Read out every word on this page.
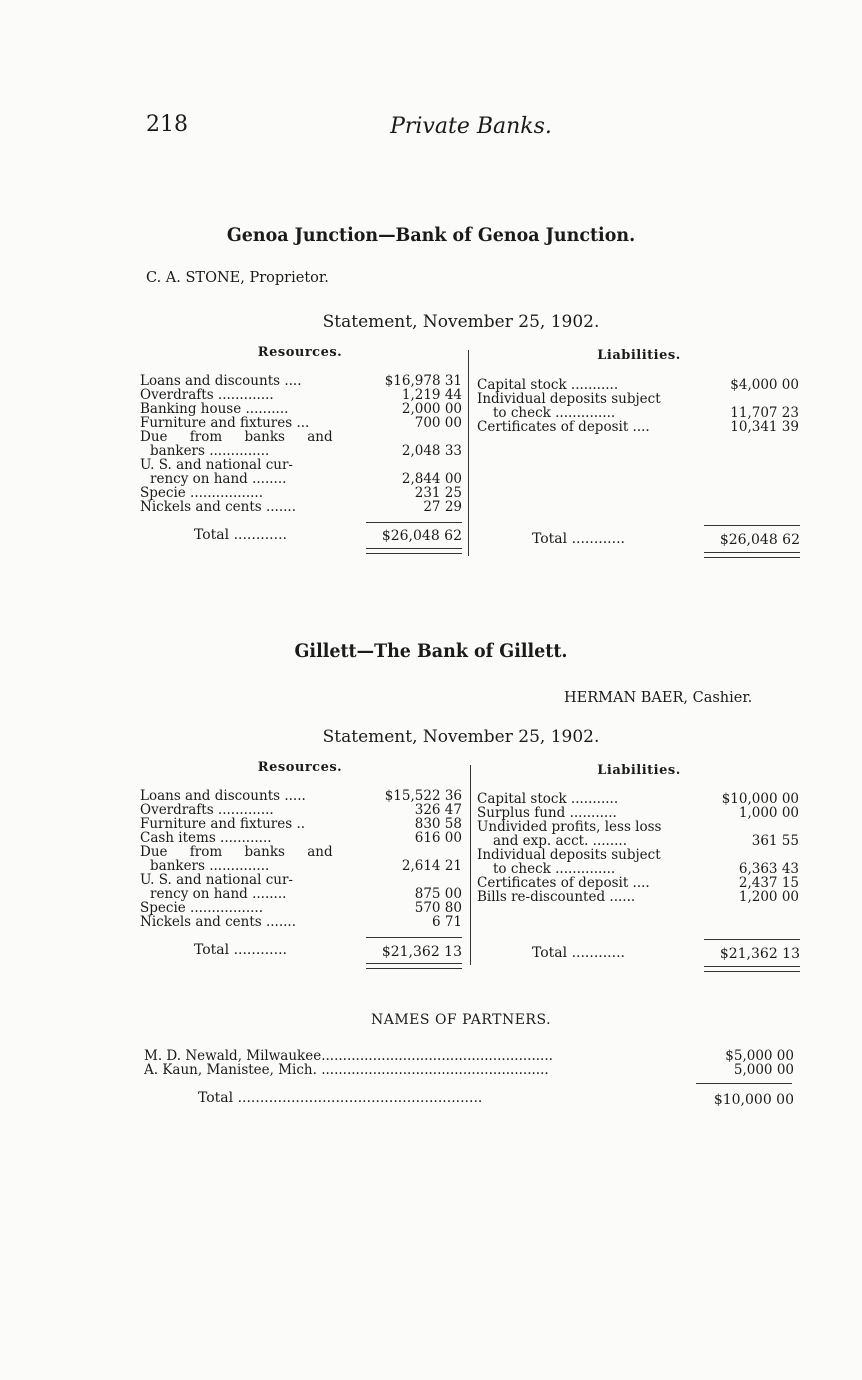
218	Private Banks.
Genoa Junction—Bank of Genoa Junction.
C. A. STONE, Proprietor.
Statement, November 25, 1902.
Resources.	Liabilities.
Loans and discounts ....	$16,978 31
Overdrafts .............	1,219 44
Banking house ..........	2,000 00
Furniture and fixtures ...	700 00
Due from banks and
bankers ..............	2,048 33
U. S. and national cur-
rency on hand ........	2,844 00
Specie .................	231 25
Nickels and cents .......	27 29
Total ............	$26,048 62
Capital stock ...........	$4,000 00
Individual deposits subject
to check ..............	11,707 23
Certificates of deposit ....	10,341 39
Total ............	$26,048 62
Gillett—The Bank of Gillett.
HERMAN BAER, Cashier.
Statement, November 25, 1902.
Resources.	Liabilities.
Loans and discounts .....	$15,522 36
Overdrafts .............	326 47
Furniture and fixtures ..	830 58
Cash items ............	616 00
Due from banks and
bankers ..............	2,614 21
U. S. and national cur-
rency on hand ........	875 00
Specie .................	570 80
Nickels and cents .......	6 71
Total ............	$21,362 13
Capital stock ...........	$10,000 00
Surplus fund ...........	1,000 00
Undivided profits, less loss
and exp. acct. ........	361 55
Individual deposits subject
to check ..............	6,363 43
Certificates of deposit ....	2,437 15
Bills re-discounted ......	1,200 00
Total ............	$21,362 13
NAMES OF PARTNERS.
M. D. Newald, Milwaukee......................................................	$5,000 00
A. Kaun, Manistee, Mich. .....................................................	5,000 00
Total .......................................................	$10,000 00
